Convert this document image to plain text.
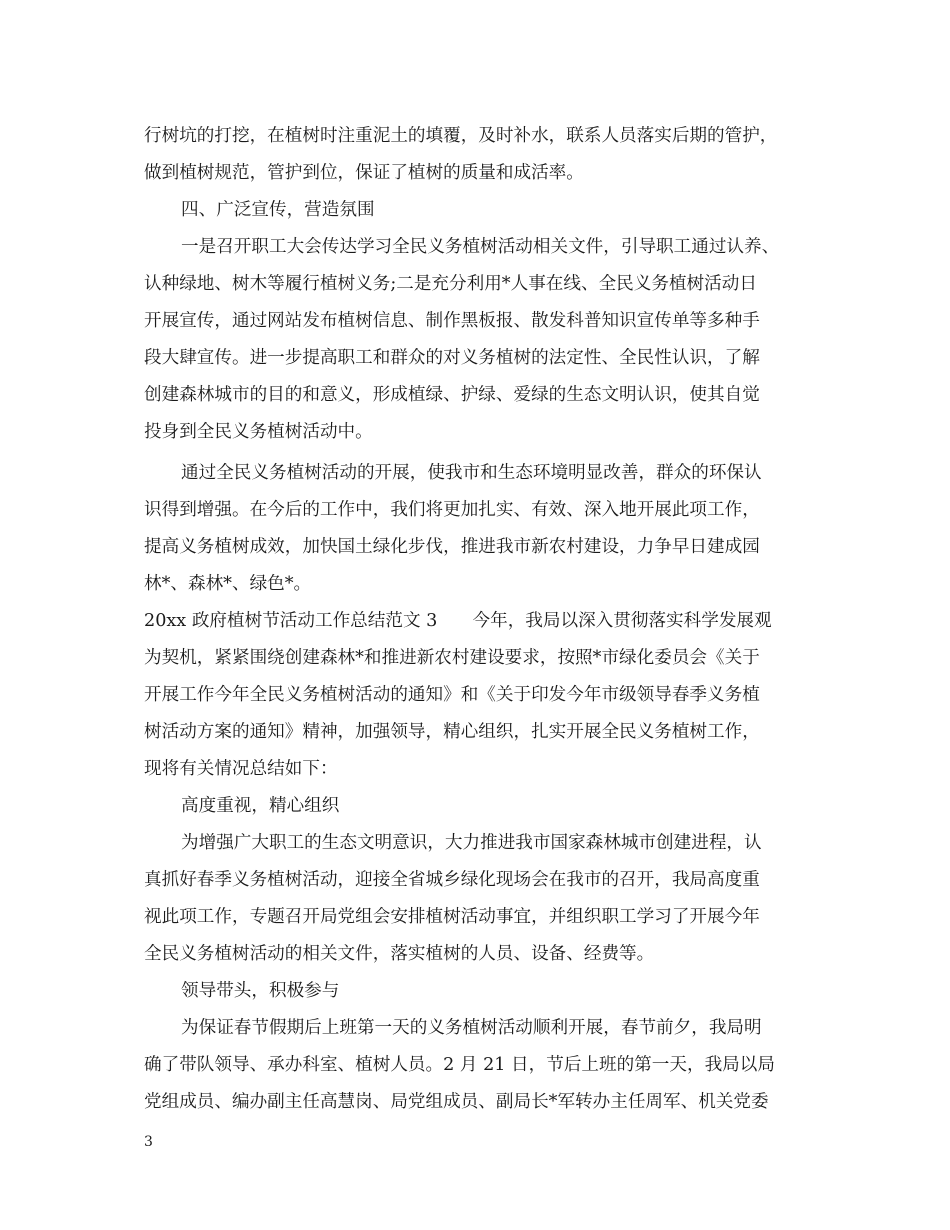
行树坑的打挖，在植树时注重泥土的填覆，及时补水，联系人员落实后期的管护，
做到植树规范，管护到位，保证了植树的质量和成活率。
四、广泛宣传，营造氛围
一是召开职工大会传达学习全民义务植树活动相关文件，引导职工通过认养、
认种绿地、树木等履行植树义务;二是充分利用*人事在线、全民义务植树活动日
开展宣传，通过网站发布植树信息、制作黑板报、散发科普知识宣传单等多种手
段大肆宣传。进一步提高职工和群众的对义务植树的法定性、全民性认识，了解
创建森林城市的目的和意义，形成植绿、护绿、爱绿的生态文明认识，使其自觉
投身到全民义务植树活动中。
通过全民义务植树活动的开展，使我市和生态环境明显改善，群众的环保认
识得到增强。在今后的工作中，我们将更加扎实、有效、深入地开展此项工作，
提高义务植树成效，加快国土绿化步伐，推进我市新农村建设，力争早日建成园
林*、森林*、绿色*。
20xx 政府植树节活动工作总结范文 3　　今年，我局以深入贯彻落实科学发展观
为契机，紧紧围绕创建森林*和推进新农村建设要求，按照*市绿化委员会《关于
开展工作今年全民义务植树活动的通知》和《关于印发今年市级领导春季义务植
树活动方案的通知》精神，加强领导，精心组织，扎实开展全民义务植树工作，
现将有关情况总结如下：
高度重视，精心组织
为增强广大职工的生态文明意识，大力推进我市国家森林城市创建进程，认
真抓好春季义务植树活动，迎接全省城乡绿化现场会在我市的召开，我局高度重
视此项工作，专题召开局党组会安排植树活动事宜，并组织职工学习了开展今年
全民义务植树活动的相关文件，落实植树的人员、设备、经费等。
领导带头，积极参与
为保证春节假期后上班第一天的义务植树活动顺利开展，春节前夕，我局明
确了带队领导、承办科室、植树人员。2 月 21 日，节后上班的第一天，我局以局
党组成员、编办副主任高慧岗、局党组成员、副局长*军转办主任周军、机关党委
3
